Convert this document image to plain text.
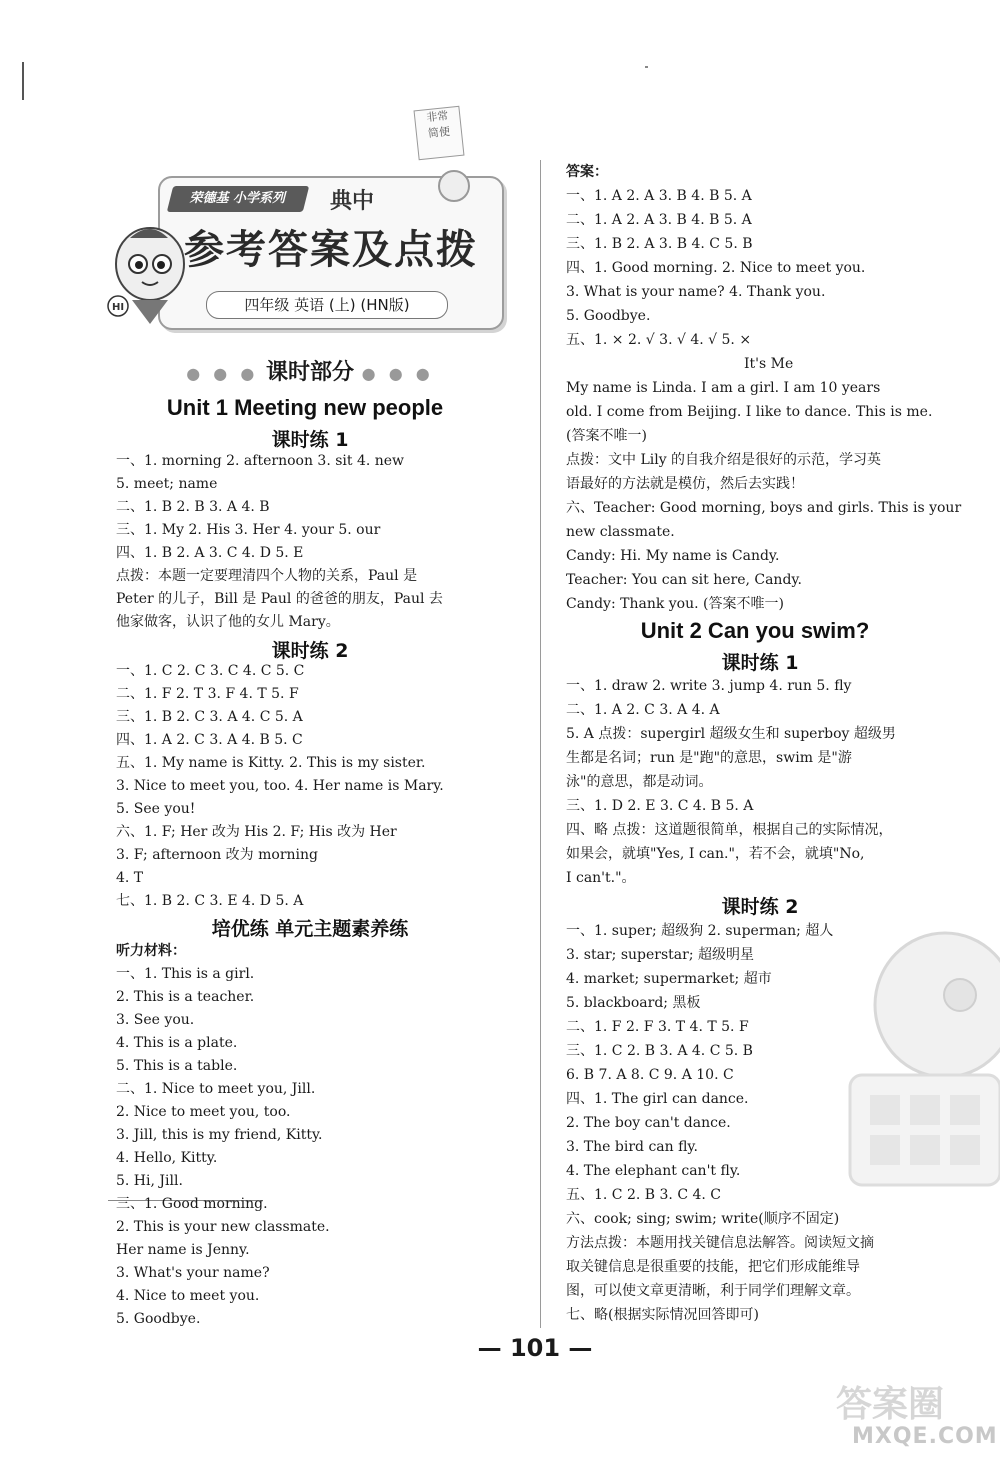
非常
简便
荣德基 小学系列	典中
参考答案及点拨
四年级 英语 (上) (HN版)
HI
● ● ● 课时部分 ● ● ●
Unit 1 Meeting new people
课时练 1
一、1. morning 2. afternoon 3. sit 4. new
5. meet; name
二、1. B 2. B 3. A 4. B
三、1. My 2. His 3. Her 4. your 5. our
四、1. B 2. A 3. C 4. D 5. E
点拨：本题一定要理清四个人物的关系，Paul 是
Peter 的儿子，Bill 是 Paul 的爸爸的朋友，Paul 去
他家做客，认识了他的女儿 Mary。
课时练 2
一、1. C 2. C 3. C 4. C 5. C
二、1. F 2. T 3. F 4. T 5. F
三、1. B 2. C 3. A 4. C 5. A
四、1. A 2. C 3. A 4. B 5. C
五、1. My name is Kitty. 2. This is my sister.
3. Nice to meet you, too. 4. Her name is Mary.
5. See you!
六、1. F; Her 改为 His 2. F; His 改为 Her
3. F; afternoon 改为 morning
4. T
七、1. B 2. C 3. E 4. D 5. A
培优练 单元主题素养练
听力材料：
一、1. This is a girl.
2. This is a teacher.
3. See you.
4. This is a plate.
5. This is a table.
二、1. Nice to meet you, Jill.
2. Nice to meet you, too.
3. Jill, this is my friend, Kitty.
4. Hello, Kitty.
5. Hi, Jill.
三、1. Good morning.
2. This is your new classmate.
Her name is Jenny.
3. What's your name?
4. Nice to meet you.
5. Goodbye.
答案：
一、1. A 2. A 3. B 4. B 5. A
二、1. A 2. A 3. B 4. B 5. A
三、1. B 2. A 3. B 4. C 5. B
四、1. Good morning. 2. Nice to meet you.
3. What is your name? 4. Thank you.
5. Goodbye.
五、1. × 2. √ 3. √ 4. √ 5. ×
It's Me
My name is Linda. I am a girl. I am 10 years
old. I come from Beijing. I like to dance. This is me.
(答案不唯一)
点拨：文中 Lily 的自我介绍是很好的示范，学习英
语最好的方法就是模仿，然后去实践！
六、Teacher: Good morning, boys and girls. This is your
new classmate.
Candy: Hi. My name is Candy.
Teacher: You can sit here, Candy.
Candy: Thank you. (答案不唯一)
Unit 2 Can you swim?
课时练 1
一、1. draw 2. write 3. jump 4. run 5. fly
二、1. A 2. C 3. A 4. A
5. A 点拨：supergirl 超级女生和 superboy 超级男
生都是名词；run 是"跑"的意思，swim 是"游
泳"的意思，都是动词。
三、1. D 2. E 3. C 4. B 5. A
四、略 点拨：这道题很简单，根据自己的实际情况，
如果会，就填"Yes, I can."，若不会，就填"No,
I can't."。
课时练 2
一、1. super; 超级狗 2. superman; 超人
3. star; superstar; 超级明星
4. market; supermarket; 超市
5. blackboard; 黑板
二、1. F 2. F 3. T 4. T 5. F
三、1. C 2. B 3. A 4. C 5. B
6. B 7. A 8. C 9. A 10. C
四、1. The girl can dance.
2. The boy can't dance.
3. The bird can fly.
4. The elephant can't fly.
五、1. C 2. B 3. C 4. C
六、cook; sing; swim; write(顺序不固定)
方法点拨：本题用找关键信息法解答。阅读短文摘
取关键信息是很重要的技能，把它们形成能维导
图，可以使文章更清晰，利于同学们理解文章。
七、略(根据实际情况回答即可)
— 101 —
答案圈
MXQE.COM
